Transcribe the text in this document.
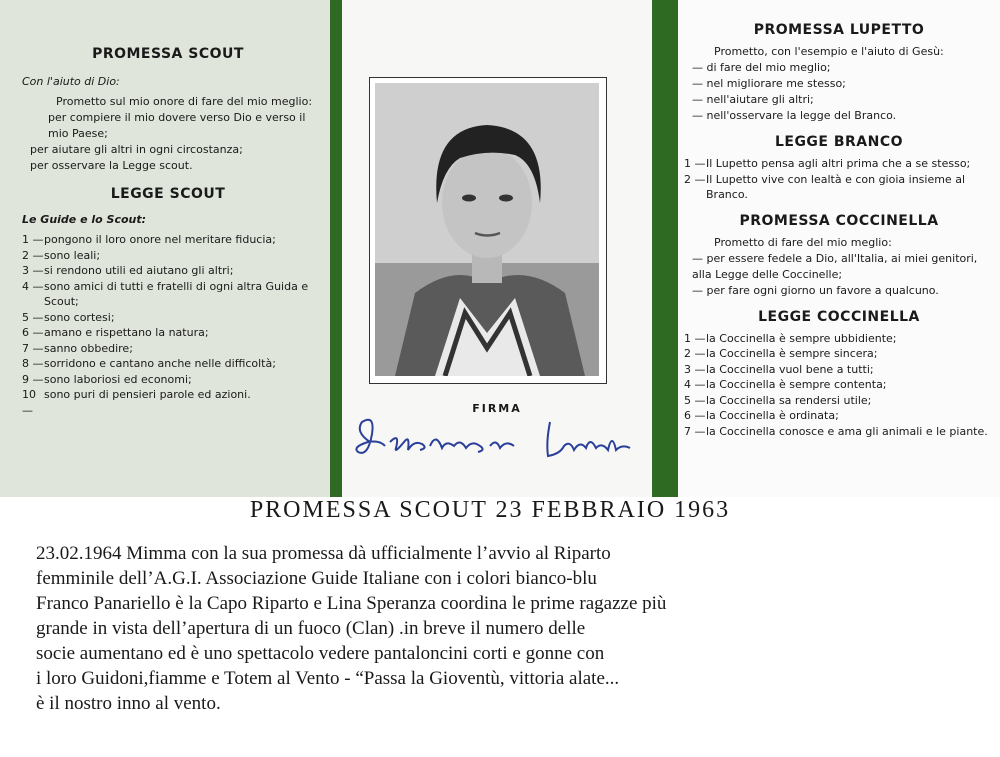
PROMESSA SCOUT

Con l'aiuto di Dio:
Prometto sul mio onore di fare del mio meglio:
per compiere il mio dovere verso Dio e verso il mio Paese;
per aiutare gli altri in ogni circostanza;
per osservare la Legge scout.

LEGGE SCOUT

Le Guide e lo Scout:
1 — pongono il loro onore nel meritare fiducia;
2 — sono leali;
3 — si rendono utili ed aiutano gli altri;
4 — sono amici di tutti e fratelli di ogni altra Guida e Scout;
5 — sono cortesi;
6 — amano e rispettano la natura;
7 — sanno obbedire;
8 — sorridono e cantano anche nelle difficoltà;
9 — sono laboriosi ed economi;
10 —
sono puri di pensieri parole ed azioni.
FIRMA

PROMESSA LUPETTO

Prometto, con l'esempio e l'aiuto di Gesù:
— di fare del mio meglio;
— nel migliorare me stesso;
— nell'aiutare gli altri;
— nell'osservare la legge del Branco.

LEGGE BRANCO

1 — Il Lupetto pensa agli altri prima che a se stesso;
2 — Il Lupetto vive con lealtà e con gioia insieme al Branco.

PROMESSA COCCINELLA

Prometto di fare del mio meglio:
— per essere fedele a Dio, all'Italia, ai miei genitori, alla Legge delle Coccinelle;
— per fare ogni giorno un favore a qualcuno.

LEGGE COCCINELLA

1 — la Coccinella è sempre ubbidiente;
2 — la Coccinella è sempre sincera;
3 — la Coccinella vuol bene a tutti;
4 — la Coccinella è sempre contenta;
5 — la Coccinella sa rendersi utile;
6 — la Coccinella è ordinata;
7 — la Coccinella conosce e ama gli animali e le piante.

PROMESSA SCOUT 23 FEBBRAIO 1963

23.02.1964 Mimma con la sua promessa dà ufficialmente l’avvio al Riparto
femminile dell’A.G.I. Associazione Guide Italiane con i colori bianco-blu
Franco Panariello è la Capo Riparto e Lina Speranza coordina le prime ragazze più
grande in vista dell’apertura di un fuoco (Clan) .in breve il numero delle
socie aumentano ed è uno spettacolo vedere pantaloncini corti e gonne con
i loro Guidoni,fiamme e Totem al Vento - “Passa la Gioventù, vittoria alate...
è il nostro inno al vento.
